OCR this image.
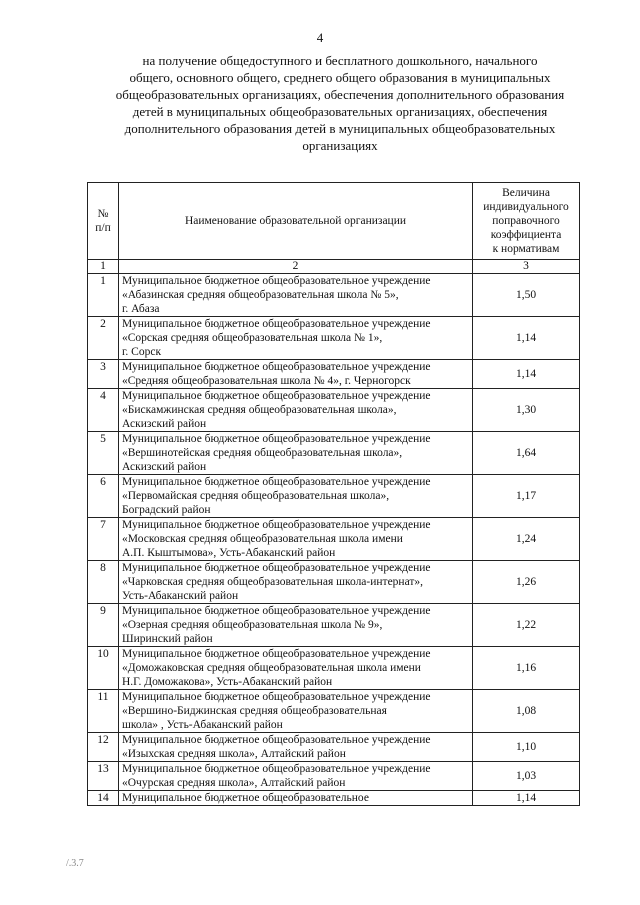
4
на получение общедоступного и бесплатного дошкольного, начального
общего, основного общего, среднего общего образования в муниципальных
общеобразовательных организациях, обеспечения дополнительного образования
детей в муниципальных общеобразовательных организациях, обеспечения
дополнительного образования детей в муниципальных общеобразовательных
организациях
№
п/п	Наименование образовательной организации	Величина
индивидуального
поправочного
коэффициента
к нормативам
1	2	3
1	Муниципальное бюджетное общеобразовательное учреждение
«Абазинская средняя общеобразовательная школа № 5»,
г. Абаза	1,50
2	Муниципальное бюджетное общеобразовательное учреждение
«Сорская средняя общеобразовательная школа № 1»,
г. Сорск	1,14
3	Муниципальное бюджетное общеобразовательное учреждение
«Средняя общеобразовательная школа № 4», г. Черногорск	1,14
4	Муниципальное бюджетное общеобразовательное учреждение
«Бискамжинская средняя общеобразовательная школа»,
Аскизский район	1,30
5	Муниципальное бюджетное общеобразовательное учреждение
«Вершинотейская средняя общеобразовательная школа»,
Аскизский район	1,64
6	Муниципальное бюджетное общеобразовательное учреждение
«Первомайская средняя общеобразовательная школа»,
Боградский район	1,17
7	Муниципальное бюджетное общеобразовательное учреждение
«Московская средняя общеобразовательная школа имени
А.П. Кыштымова», Усть-Абаканский район	1,24
8	Муниципальное бюджетное общеобразовательное учреждение
«Чарковская средняя общеобразовательная школа-интернат»,
Усть-Абаканский район	1,26
9	Муниципальное бюджетное общеобразовательное учреждение
«Озерная средняя общеобразовательная школа № 9»,
Ширинский район	1,22
10	Муниципальное бюджетное общеобразовательное учреждение
«Доможаковская средняя общеобразовательная школа имени
Н.Г. Доможакова», Усть-Абаканский район	1,16
11	Муниципальное бюджетное общеобразовательное учреждение
«Вершино-Биджинская средняя общеобразовательная
школа» , Усть-Абаканский район	1,08
12	Муниципальное бюджетное общеобразовательное учреждение
«Изыхская средняя школа», Алтайский район	1,10
13	Муниципальное бюджетное общеобразовательное учреждение
«Очурская средняя школа», Алтайский район	1,03
14	Муниципальное бюджетное общеобразовательное	1,14
/.3.7
